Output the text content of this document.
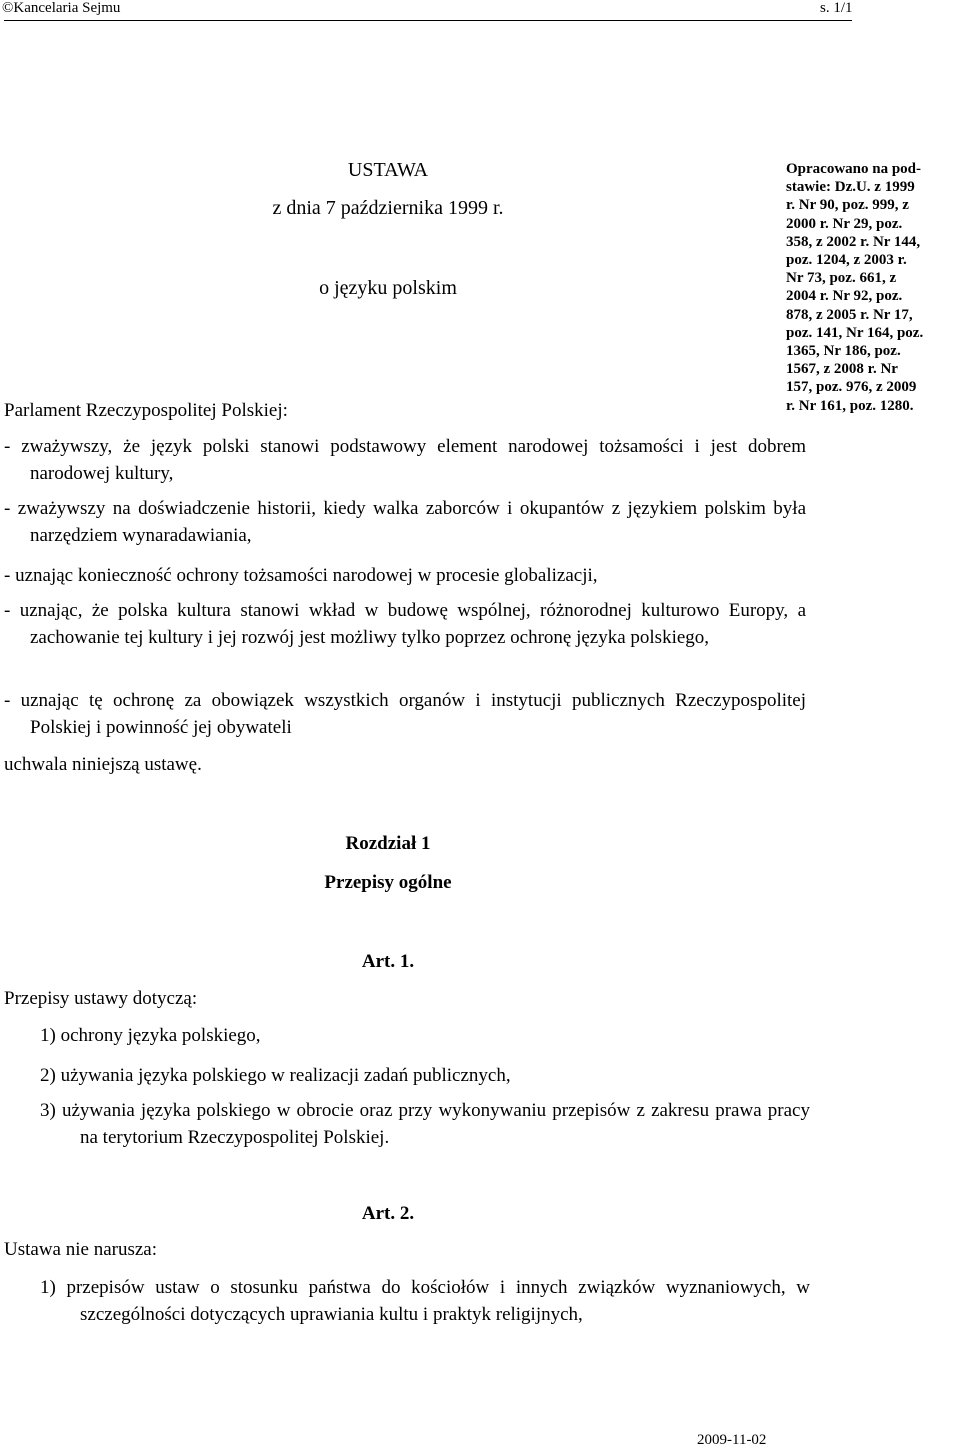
©Kancelaria Sejmu	s. 1/1
USTAWA
z dnia 7 października 1999 r.
o języku polskim
Opracowano na pod-
stawie: Dz.U. z 1999
r. Nr 90, poz. 999, z
2000 r. Nr 29, poz.
358, z 2002 r. Nr 144,
poz. 1204, z 2003 r.
Nr 73, poz. 661, z
2004 r. Nr 92, poz.
878, z 2005 r. Nr 17,
poz. 141, Nr 164, poz.
1365, Nr 186, poz.
1567, z 2008 r. Nr
157, poz. 976, z 2009
r. Nr 161, poz. 1280.
Parlament Rzeczypospolitej Polskiej:
- zważywszy, że język polski stanowi podstawowy element narodowej tożsamości i jest dobrem narodowej kultury,
- zważywszy na doświadczenie historii, kiedy walka zaborców i okupantów z językiem polskim była narzędziem wynaradawiania,
- uznając konieczność ochrony tożsamości narodowej w procesie globalizacji,
- uznając, że polska kultura stanowi wkład w budowę wspólnej, różnorodnej kulturowo Europy, a zachowanie tej kultury i jej rozwój jest możliwy tylko poprzez ochronę języka polskiego,
- uznając tę ochronę za obowiązek wszystkich organów i instytucji publicznych Rzeczypospolitej Polskiej i powinność jej obywateli
uchwala niniejszą ustawę.
Rozdział 1
Przepisy ogólne
Art. 1.
Przepisy ustawy dotyczą:
1) ochrony języka polskiego,
2) używania języka polskiego w realizacji zadań publicznych,
3) używania języka polskiego w obrocie oraz przy wykonywaniu przepisów z zakresu prawa pracy na terytorium Rzeczypospolitej Polskiej.
Art. 2.
Ustawa nie narusza:
1) przepisów ustaw o stosunku państwa do kościołów i innych związków wyznaniowych, w szczególności dotyczących uprawiania kultu i praktyk religijnych,
2009-11-02
